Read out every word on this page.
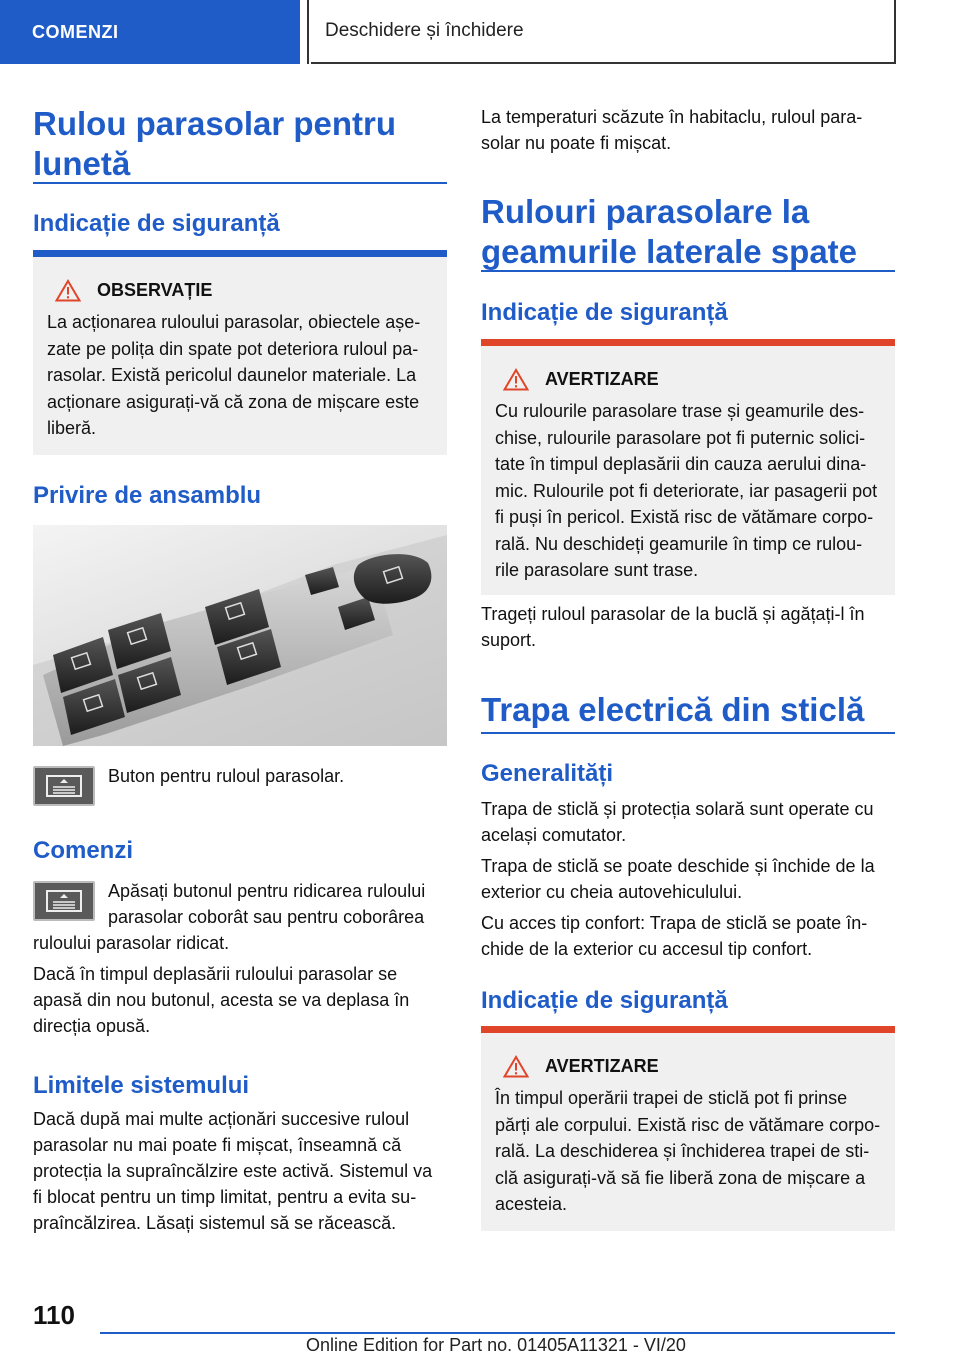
COMENZI	Deschidere și închidere
Rulou parasolar pentru
lunetă
Indicație de siguranță
OBSERVAȚIE
La acționarea ruloului parasolar, obiectele așe-
zate pe polița din spate pot deteriora ruloul pa-
rasolar. Există pericolul daunelor materiale. La
acționare asigurați-vă că zona de mișcare este
liberă.
Privire de ansamblu
Buton pentru ruloul parasolar.
Comenzi
Apăsați butonul pentru ridicarea ruloului
parasolar coborât sau pentru coborârea
ruloului parasolar ridicat.
Dacă în timpul deplasării ruloului parasolar se
apasă din nou butonul, acesta se va deplasa în
direcția opusă.
Limitele sistemului
Dacă după mai multe acționări succesive ruloul
parasolar nu mai poate fi mișcat, înseamnă că
protecția la supraîncălzire este activă. Sistemul va
fi blocat pentru un timp limitat, pentru a evita su-
praîncălzirea. Lăsați sistemul să se răcească.
La temperaturi scăzute în habitaclu, ruloul para-
solar nu poate fi mișcat.
Rulouri parasolare la
geamurile laterale spate
Indicație de siguranță
AVERTIZARE
Cu rulourile parasolare trase și geamurile des-
chise, rulourile parasolare pot fi puternic solici-
tate în timpul deplasării din cauza aerului dina-
mic. Rulourile pot fi deteriorate, iar pasagerii pot
fi puși în pericol. Există risc de vătămare corpo-
rală. Nu deschideți geamurile în timp ce rulou-
rile parasolare sunt trase.
Trageți ruloul parasolar de la buclă și agățați-l în
suport.
Trapa electrică din sticlă
Generalități
Trapa de sticlă și protecția solară sunt operate cu
același comutator.
Trapa de sticlă se poate deschide și închide de la
exterior cu cheia autovehiculului.
Cu acces tip confort: Trapa de sticlă se poate în-
chide de la exterior cu accesul tip confort.
Indicație de siguranță
AVERTIZARE
În timpul operării trapei de sticlă pot fi prinse
părți ale corpului. Există risc de vătămare corpo-
rală. La deschiderea și închiderea trapei de sti-
clă asigurați-vă să fie liberă zona de mișcare a
acesteia.
110
Online Edition for Part no. 01405A11321 - VI/20
